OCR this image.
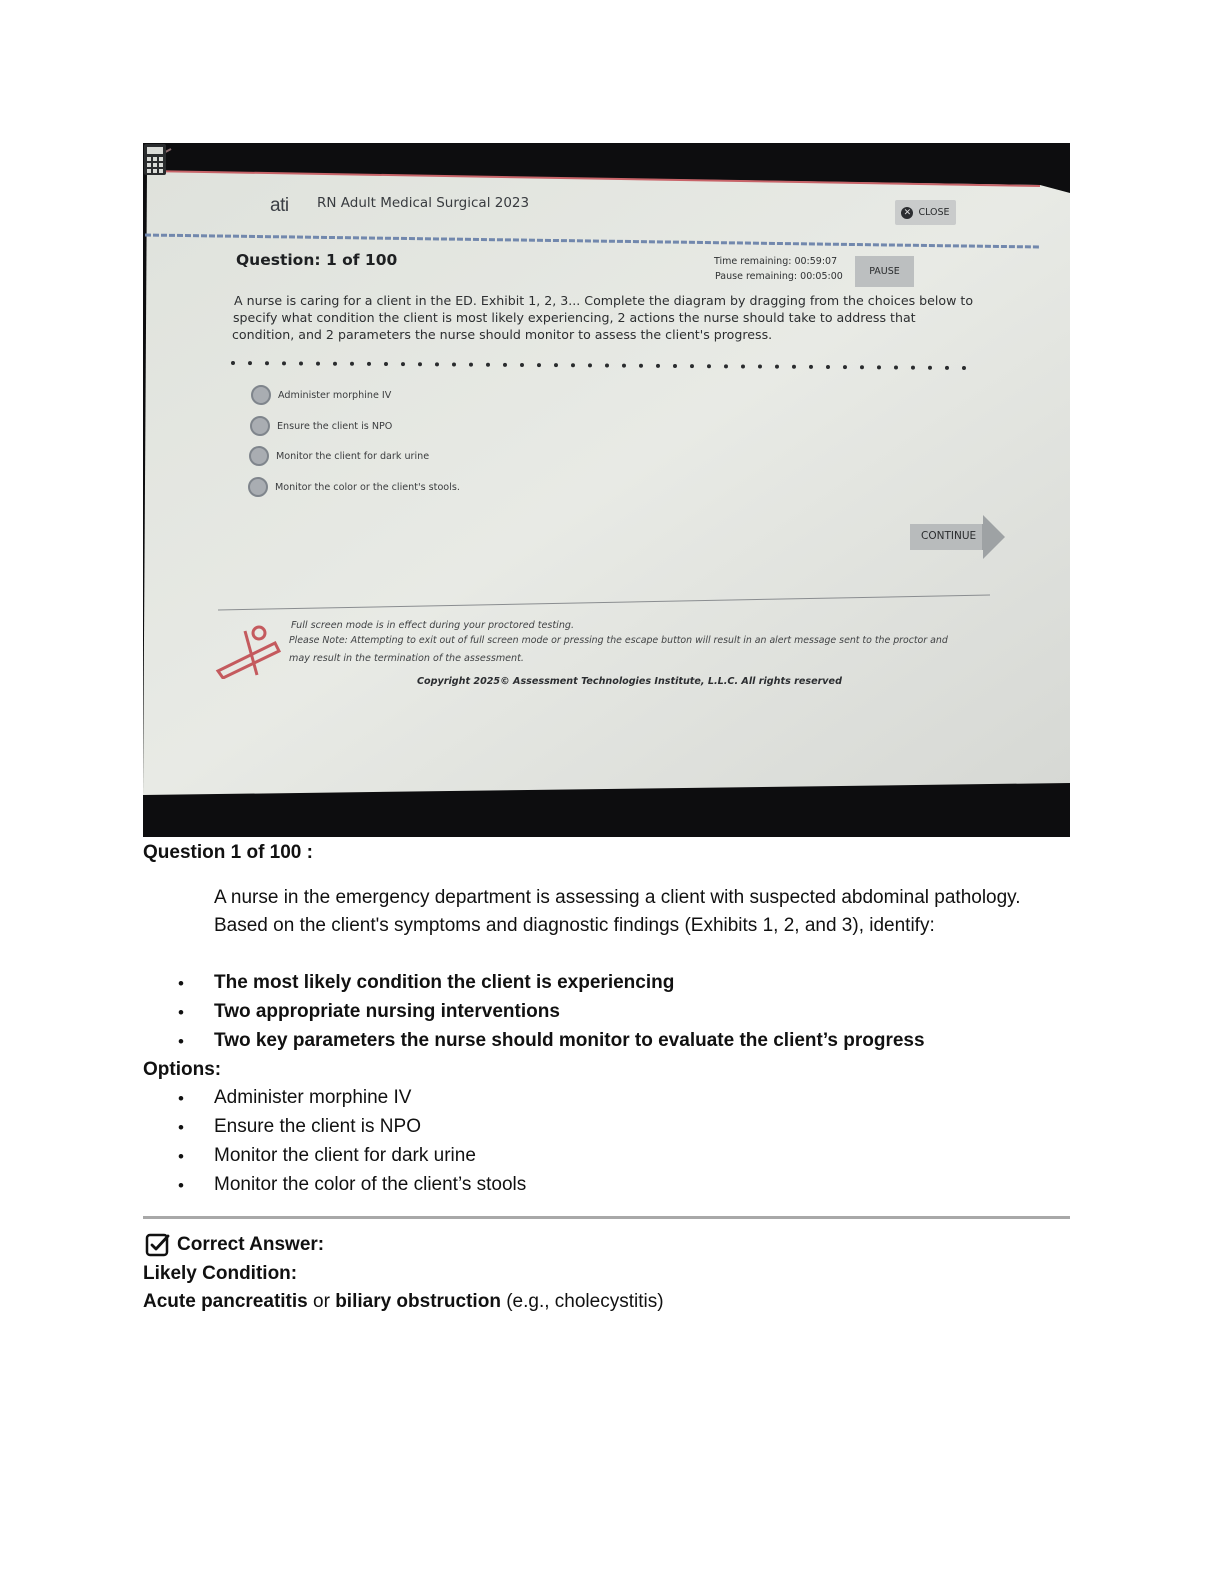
ati RN Adult Medical Surgical 2023
✕ CLOSE
Question: 1 of 100	Time remaining: 00:59:07
Pause remaining: 00:05:00	PAUSE
A nurse is caring for a client in the ED. Exhibit 1, 2, 3... Complete the diagram by dragging from the choices below to
specify what condition the client is most likely experiencing, 2 actions the nurse should take to address that
condition, and 2 parameters the nurse should monitor to assess the client's progress.
Administer morphine IV
Ensure the client is NPO
Monitor the client for dark urine
Monitor the color or the client's stools.
CONTINUE
Full screen mode is in effect during your proctored testing.
Please Note: Attempting to exit out of full screen mode or pressing the escape button will result in an alert message sent to the proctor and
may result in the termination of the assessment.
Copyright 2025© Assessment Technologies Institute, L.L.C. All rights reserved
Question 1 of 100 :
A nurse in the emergency department is assessing a client with suspected abdominal pathology.
Based on the client's symptoms and diagnostic findings (Exhibits 1, 2, and 3), identify:
• The most likely condition the client is experiencing
• Two appropriate nursing interventions
• Two key parameters the nurse should monitor to evaluate the client’s progress
Options:
• Administer morphine IV
• Ensure the client is NPO
• Monitor the client for dark urine
• Monitor the color of the client’s stools
Correct Answer:
Likely Condition:
Acute pancreatitis or biliary obstruction (e.g., cholecystitis)
